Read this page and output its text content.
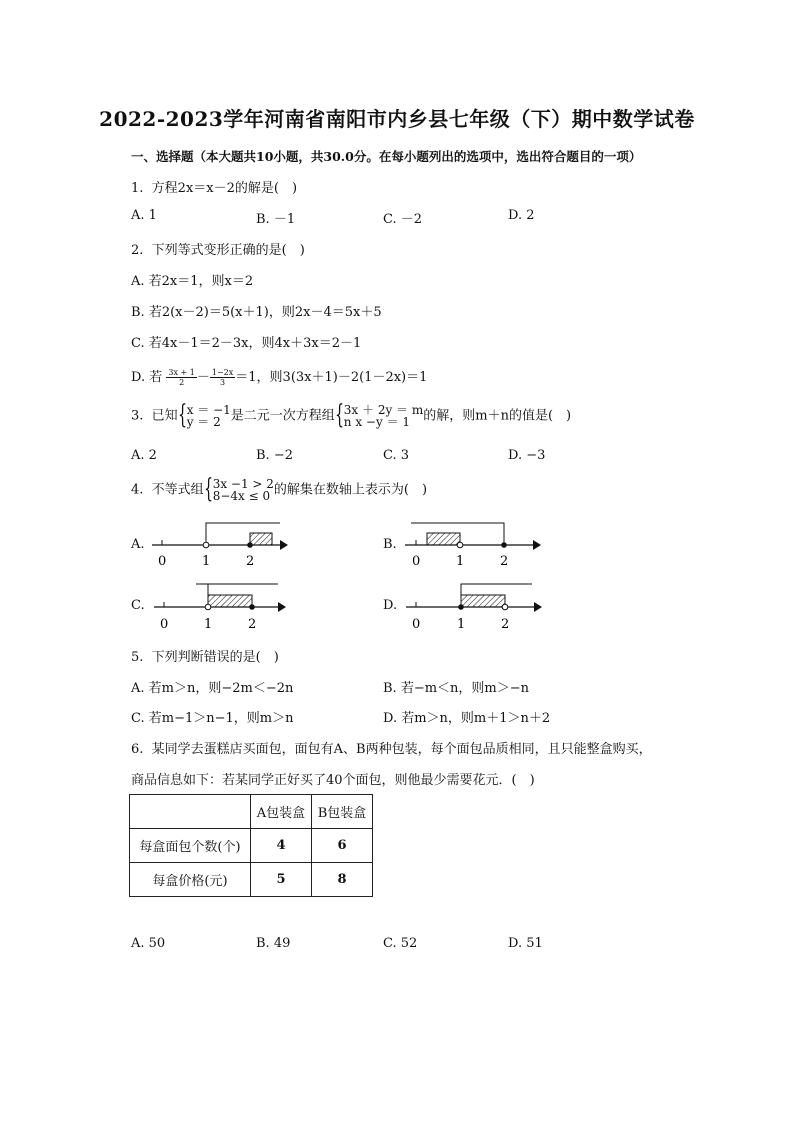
2022-2023学年河南省南阳市内乡县七年级（下）期中数学试卷
一、选择题（本大题共10小题，共30.0分。在每小题列出的选项中，选出符合题目的一项）
1. 方程2x＝x－2的解是(　)
A. 1	B. －1	C. －2	D. 2
2. 下列等式变形正确的是(　)
A. 若2x＝1，则x＝2
B. 若2(x－2)＝5(x＋1)，则2x－4＝5x＋5
C. 若4x－1＝2－3x，则4x＋3x＝2－1
D. 若 $\frac{3x + 1}{2} - \frac{1-2x}{3} =1$，则3(3x＋1)－2(1－2x)＝1
3. 已知 { x ＝ −1
y ＝ 2 是二元一次方程组 { 3x ＋ 2y ＝ m
n x −y ＝ 1	的解，则m＋n的值是(　)
A. 2	B. −2	C. 3	D. −3
4. 不等式组 { 3x −1 > 2
8−4x ≤ 0 的解集在数轴上表示为(　)
A.
0	1	2
B.
0	1	2
C.
0	1	2
D.
0	1	2
5. 下列判断错误的是(　)
A. 若m＞n，则−2m＜−2n	B. 若−m＜n，则m＞−n
C. 若m−1＞n−1，则m＞n	D. 若m＞n，则m＋1＞n＋2
6. 某同学去蛋糕店买面包，面包有A、B两种包装，每个面包品质相同，且只能整盒购买，
商品信息如下：若某同学正好买了40个面包，则他最少需要花元．(　)
	A包装盒	B包装盒
每盒面包个数(个)	4	6
每盒价格(元)	5	8
A. 50	B. 49	C. 52	D. 51
